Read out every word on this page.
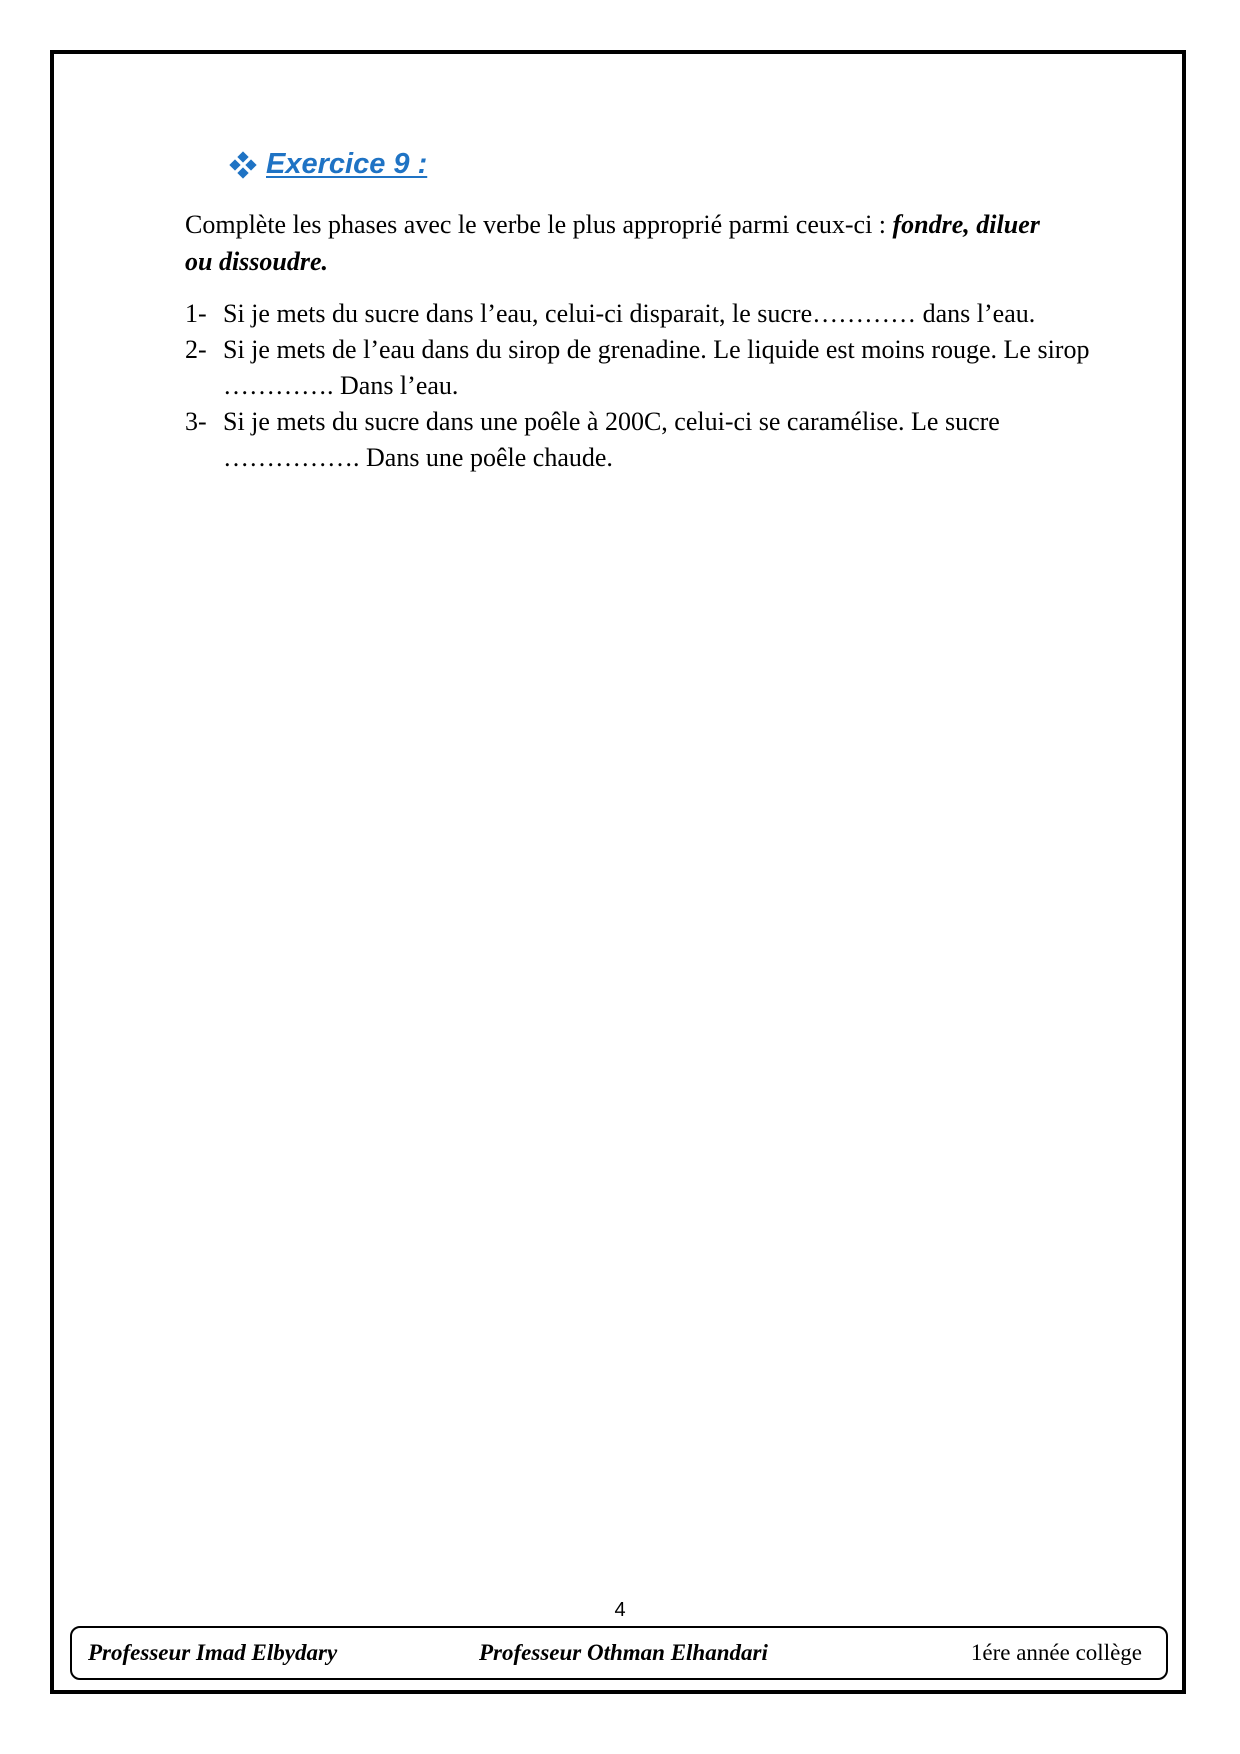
Exercice 9 :
Complète les phases avec le verbe le plus approprié parmi ceux-ci : fondre, diluer ou dissoudre.
1- Si je mets du sucre dans l’eau, celui-ci disparait, le sucre………… dans l’eau.
2- Si je mets de l’eau dans du sirop de grenadine. Le liquide est moins rouge. Le sirop …………. Dans l’eau.
3- Si je mets du sucre dans une poêle à 200C, celui-ci se caramélise. Le sucre ……………. Dans une poêle chaude.
4
Professeur Imad Elbydary	Professeur Othman Elhandari	1ére année collège
